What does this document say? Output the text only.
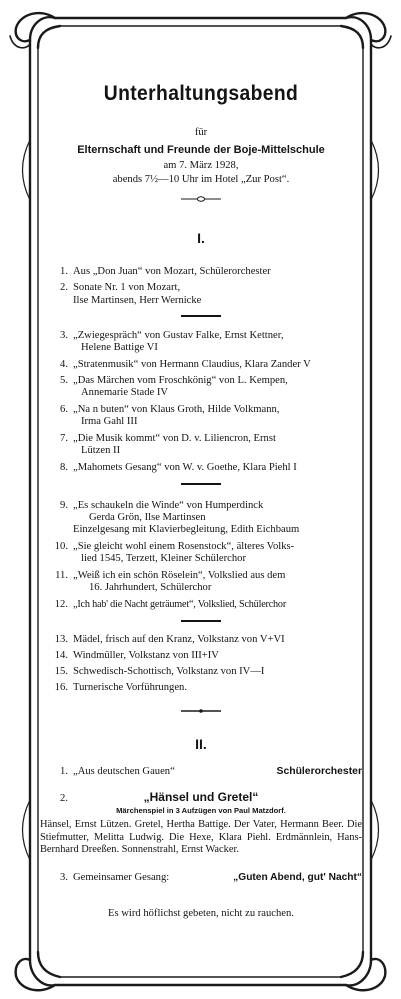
Unterhaltungsabend
für
Elternschaft und Freunde der Boje-Mittelschule
am 7. März 1928,
abends 7½—10 Uhr im Hotel „Zur Post“.
I.
1. Aus „Don Juan“ von Mozart, Schülerorchester
2. Sonate Nr. 1 von Mozart,
Ilse Martinsen, Herr Wernicke
3. „Zwiegespräch“ von Gustav Falke, Ernst Kettner,
Helene Battige VI
4. „Stratenmusik“ von Hermann Claudius, Klara Zander V
5. „Das Märchen vom Froschkönig“ von L. Kempen,
Annemarie Stade IV
6. „Na n buten“ von Klaus Groth, Hilde Volkmann,
Irma Gahl III
7. „Die Musik kommt“ von D. v. Liliencron, Ernst
Lützen II
8. „Mahomets Gesang“ von W. v. Goethe, Klara Piehl I
9. „Es schaukeln die Winde“ von Humperdinck
Gerda Grön, Ilse Martinsen
Einzelgesang mit Klavierbegleitung, Edith Eichbaum
10. „Sie gleicht wohl einem Rosenstock“, älteres Volks-
lied 1545, Terzett, Kleiner Schülerchor
11. „Weiß ich ein schön Röselein“, Volkslied aus dem
16. Jahrhundert, Schülerchor
12. „Ich hab' die Nacht geträumet“, Volkslied, Schülerchor
13. Mädel, frisch auf den Kranz, Volkstanz von V+VI
14. Windmüller, Volkstanz von III+IV
15. Schwedisch-Schottisch, Volkstanz von IV—I
16. Turnerische Vorführungen.
II.
1. „Aus deutschen Gauen“	Schülerorchester
2.	„Hänsel und Gretel“
Märchenspiel in 3 Aufzügen von Paul Matzdorf.
Hänsel, Ernst Lützen. Gretel, Hertha Battige. Der Vater, Hermann Beer. Die Stiefmutter, Melitta Ludwig. Die Hexe, Klara Piehl. Erdmännlein, Hans-Bernhard Dreeßen. Sonnenstrahl, Ernst Wacker.
3. Gemeinsamer Gesang:	„Guten Abend, gut' Nacht“
Es wird höflichst gebeten, nicht zu rauchen.
